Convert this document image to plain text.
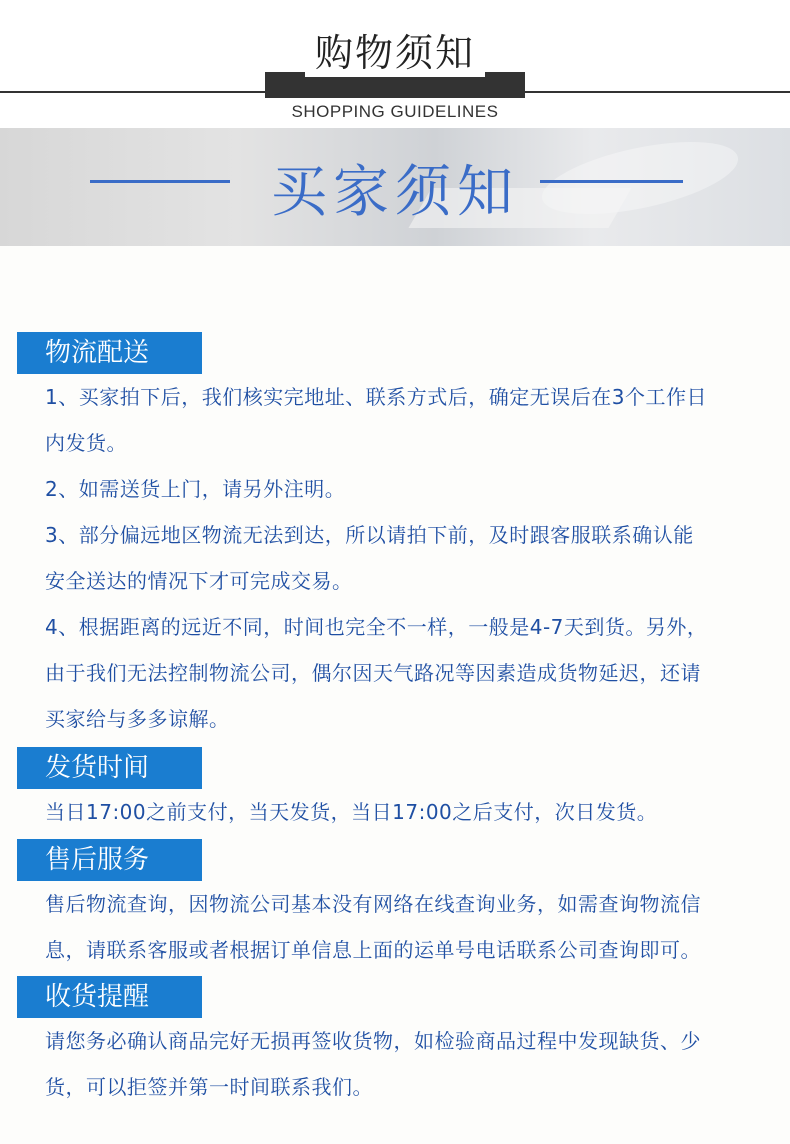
购物须知
SHOPPING GUIDELINES
买家须知
物流配送
1、买家拍下后，我们核实完地址、联系方式后，确定无误后在3个工作日
内发货。
2、如需送货上门，请另外注明。
3、部分偏远地区物流无法到达，所以请拍下前，及时跟客服联系确认能
安全送达的情况下才可完成交易。
4、根据距离的远近不同，时间也完全不一样，一般是4-7天到货。另外，
由于我们无法控制物流公司，偶尔因天气路况等因素造成货物延迟，还请
买家给与多多谅解。
发货时间
当日17:00之前支付，当天发货，当日17:00之后支付，次日发货。
售后服务
售后物流查询，因物流公司基本没有网络在线查询业务，如需查询物流信
息，请联系客服或者根据订单信息上面的运单号电话联系公司查询即可。
收货提醒
请您务必确认商品完好无损再签收货物，如检验商品过程中发现缺货、少
货，可以拒签并第一时间联系我们。
